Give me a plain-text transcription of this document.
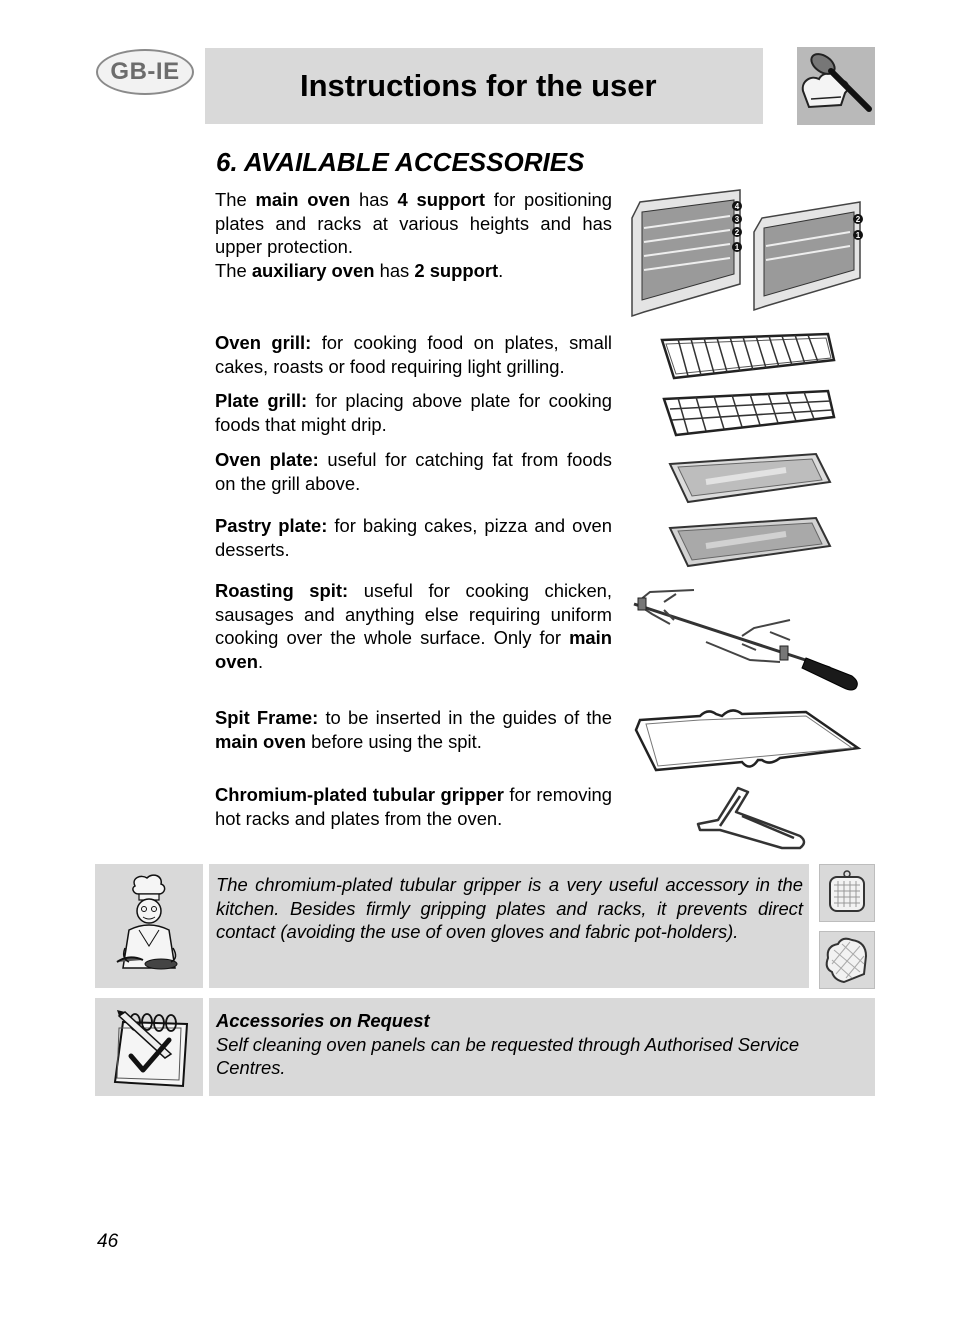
GB-IE	Instructions for the user
6. AVAILABLE ACCESSORIES
The main oven has 4 support for positioning plates and racks at various heights and has upper protection.
The auxiliary oven has 2 support.
4
3
2
1
2
1
Oven grill: for cooking food on plates, small cakes, roasts or food requiring light grilling.
Plate grill: for placing above plate for cooking foods that might drip.
Oven plate: useful for catching fat from foods on the grill above.
Pastry plate: for baking cakes, pizza and oven desserts.
Roasting spit: useful for cooking chicken, sausages and anything else requiring uniform cooking over the whole surface. Only for main oven.
Spit Frame: to be inserted in the guides of the main oven before using the spit.
Chromium-plated tubular gripper for removing hot racks and plates from the oven.
The chromium-plated tubular gripper is a very useful accessory in the kitchen. Besides firmly gripping plates and racks, it prevents direct contact (avoiding the use of oven gloves and fabric pot-holders).
Accessories on Request
Self cleaning oven panels can be requested through Authorised Service Centres.
46
